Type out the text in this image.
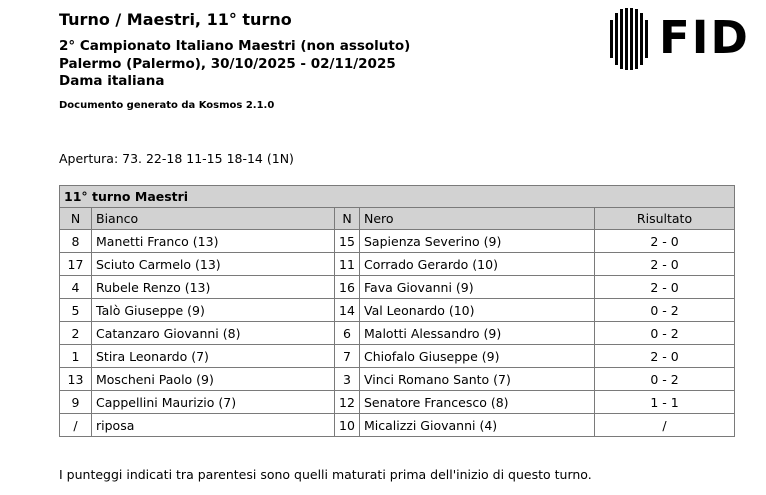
Turno / Maestri, 11° turno
2° Campionato Italiano Maestri (non assoluto)
Palermo (Palermo), 30/10/2025 - 02/11/2025
Dama italiana
Documento generato da Kosmos 2.1.0
FID
Apertura: 73. 22-18 11-15 18-14 (1N)
11° turno Maestri				
N	Bianco	N	Nero	Risultato
8	Manetti Franco (13)	15	Sapienza Severino (9)	2 - 0
17	Sciuto Carmelo (13)	11	Corrado Gerardo (10)	2 - 0
4	Rubele Renzo (13)	16	Fava Giovanni (9)	2 - 0
5	Talò Giuseppe (9)	14	Val Leonardo (10)	0 - 2
2	Catanzaro Giovanni (8)	6	Malotti Alessandro (9)	0 - 2
1	Stira Leonardo (7)	7	Chiofalo Giuseppe (9)	2 - 0
13	Moscheni Paolo (9)	3	Vinci Romano Santo (7)	0 - 2
9	Cappellini Maurizio (7)	12	Senatore Francesco (8)	1 - 1
/	riposa	10	Micalizzi Giovanni (4)	/
I punteggi indicati tra parentesi sono quelli maturati prima dell'inizio di questo turno.
